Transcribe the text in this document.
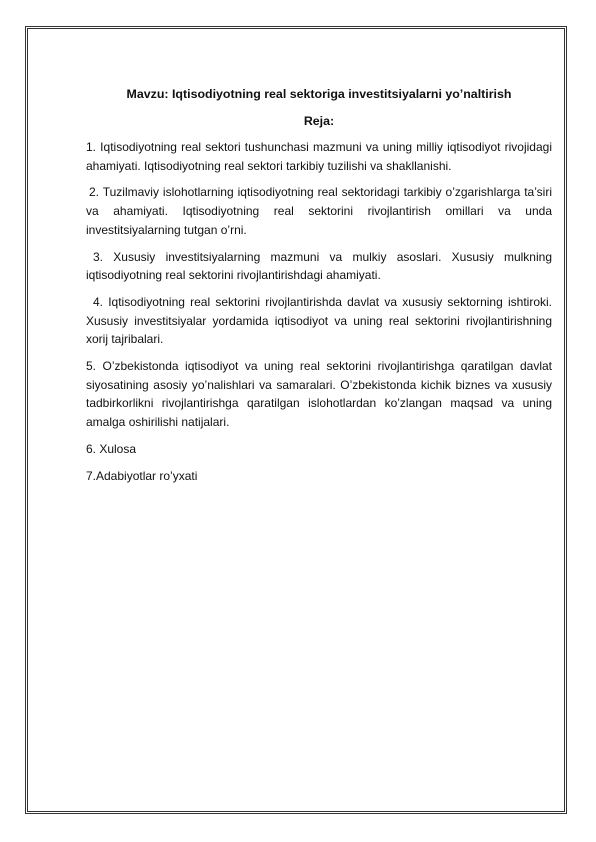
Mavzu: Iqtisodiyotning real sektoriga investitsiyalarni yo’naltirish

Reja:

1. Iqtisodiyotning real sektori tushunchasi mazmuni va uning milliy iqtisodiyot rivojidagi ahamiyati. Iqtisodiyotning real sektori tarkibiy tuzilishi va shakllanishi.

2. Tuzilmaviy islohotlarning iqtisodiyotning real sektoridagi tarkibiy o’zgarishlarga ta’siri va ahamiyati. Iqtisodiyotning real sektorini rivojlantirish omillari va unda investitsiyalarning tutgan o’rni.

3. Xususiy investitsiyalarning mazmuni va mulkiy asoslari. Xususiy mulkning iqtisodiyotning real sektorini rivojlantirishdagi ahamiyati.

4. Iqtisodiyotning real sektorini rivojlantirishda davlat va xususiy sektorning ishtiroki. Xususiy investitsiyalar yordamida iqtisodiyot va uning real sektorini rivojlantirishning xorij tajribalari.

5. O’zbekistonda iqtisodiyot va uning real sektorini rivojlantirishga qaratilgan davlat siyosatining asosiy yo’nalishlari va samaralari. O’zbekistonda kichik biznes va xususiy tadbirkorlikni rivojlantirishga qaratilgan islohotlardan ko’zlangan maqsad va uning amalga oshirilishi natijalari.

6. Xulosa

7.Adabiyotlar ro’yxati
